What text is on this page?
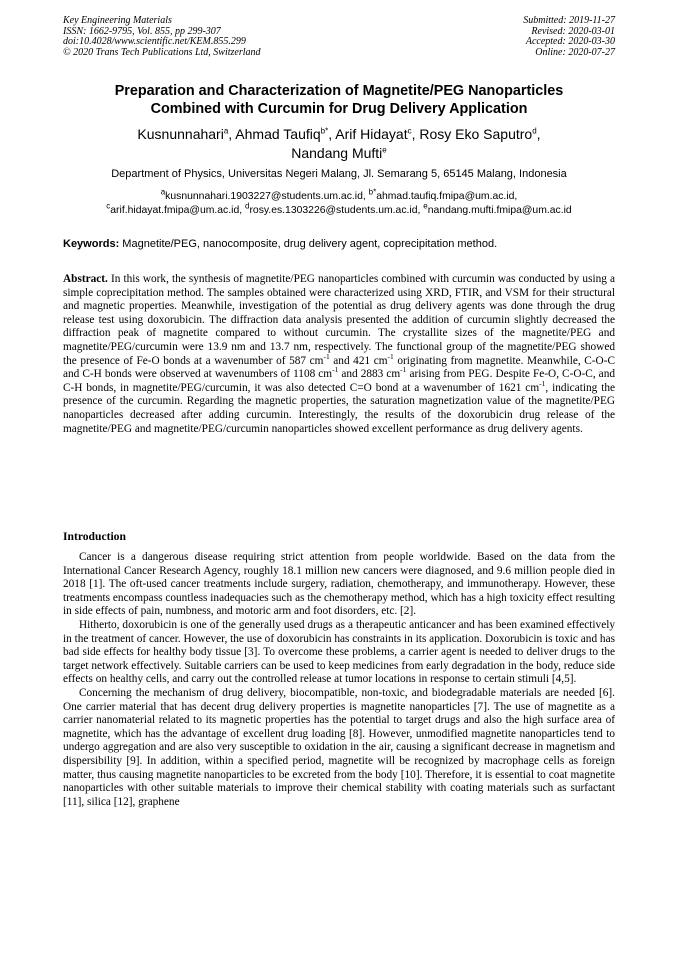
Key Engineering Materials
ISSN: 1662-9795, Vol. 855, pp 299-307
doi:10.4028/www.scientific.net/KEM.855.299
© 2020 Trans Tech Publications Ltd, Switzerland
Submitted: 2019-11-27
Revised: 2020-03-01
Accepted: 2020-03-30
Online: 2020-07-27
Preparation and Characterization of Magnetite/PEG Nanoparticles
Combined with Curcumin for Drug Delivery Application
Kusnunnahari$^a$, Ahmad Taufiq$^{b*}$, Arif Hidayat$^c$, Rosy Eko Saputro$^d$,
Nandang Mufti$^e$
Department of Physics, Universitas Negeri Malang, Jl. Semarang 5, 65145 Malang, Indonesia
$^a$kusnunnahari.1903227@students.um.ac.id, $^{b*}$ahmad.taufiq.fmipa@um.ac.id,
$^c$arif.hidayat.fmipa@um.ac.id, $^d$rosy.es.1303226@students.um.ac.id, $^e$nandang.mufti.fmipa@um.ac.id
Keywords: Magnetite/PEG, nanocomposite, drug delivery agent, coprecipitation method.
Abstract. In this work, the synthesis of magnetite/PEG nanoparticles combined with curcumin was conducted by using a simple coprecipitation method. The samples obtained were characterized using XRD, FTIR, and VSM for their structural and magnetic properties. Meanwhile, investigation of the potential as drug delivery agents was done through the drug release test using doxorubicin. The diffraction data analysis presented the addition of curcumin slightly decreased the diffraction peak of magnetite compared to without curcumin. The crystallite sizes of the magnetite/PEG and magnetite/PEG/curcumin were 13.9 nm and 13.7 nm, respectively. The functional group of the magnetite/PEG showed the presence of Fe-O bonds at a wavenumber of 587 $cm^{-1}$ and 421 $cm^{-1}$ originating from magnetite. Meanwhile, C-O-C and C-H bonds were observed at wavenumbers of 1108 $cm^{-1}$ and 2883 $cm^{-1}$ arising from PEG. Despite Fe-O, C-O-C, and C-H bonds, in magnetite/PEG/curcumin, it was also detected C=O bond at a wavenumber of 1621 $cm^{-1}$, indicating the presence of the curcumin. Regarding the magnetic properties, the saturation magnetization value of the magnetite/PEG nanoparticles decreased after adding curcumin. Interestingly, the results of the doxorubicin drug release of the magnetite/PEG and magnetite/PEG/curcumin nanoparticles showed excellent performance as drug delivery agents.
Introduction

Cancer is a dangerous disease requiring strict attention from people worldwide. Based on the data from the International Cancer Research Agency, roughly 18.1 million new cancers were diagnosed, and 9.6 million people died in 2018 [1]. The oft-used cancer treatments include surgery, radiation, chemotherapy, and immunotherapy. However, these treatments encompass countless inadequacies such as the chemotherapy method, which has a high toxicity effect resulting in side effects of pain, numbness, and motoric arm and foot disorders, etc. [2].

Hitherto, doxorubicin is one of the generally used drugs as a therapeutic anticancer and has been examined effectively in the treatment of cancer. However, the use of doxorubicin has constraints in its application. Doxorubicin is toxic and has bad side effects for healthy body tissue [3]. To overcome these problems, a carrier agent is needed to deliver drugs to the target network effectively. Suitable carriers can be used to keep medicines from early degradation in the body, reduce side effects on healthy cells, and carry out the controlled release at tumor locations in response to certain stimuli [4,5].

Concerning the mechanism of drug delivery, biocompatible, non-toxic, and biodegradable materials are needed [6]. One carrier material that has decent drug delivery properties is magnetite nanoparticles [7]. The use of magnetite as a carrier nanomaterial related to its magnetic properties has the potential to target drugs and also the high surface area of magnetite, which has the advantage of excellent drug loading [8]. However, unmodified magnetite nanoparticles tend to undergo aggregation and are also very susceptible to oxidation in the air, causing a significant decrease in magnetism and dispersibility [9]. In addition, within a specified period, magnetite will be recognized by macrophage cells as foreign matter, thus causing magnetite nanoparticles to be excreted from the body [10]. Therefore, it is essential to coat magnetite nanoparticles with other suitable materials to improve their chemical stability with coating materials such as surfactant [11], silica [12], graphene
